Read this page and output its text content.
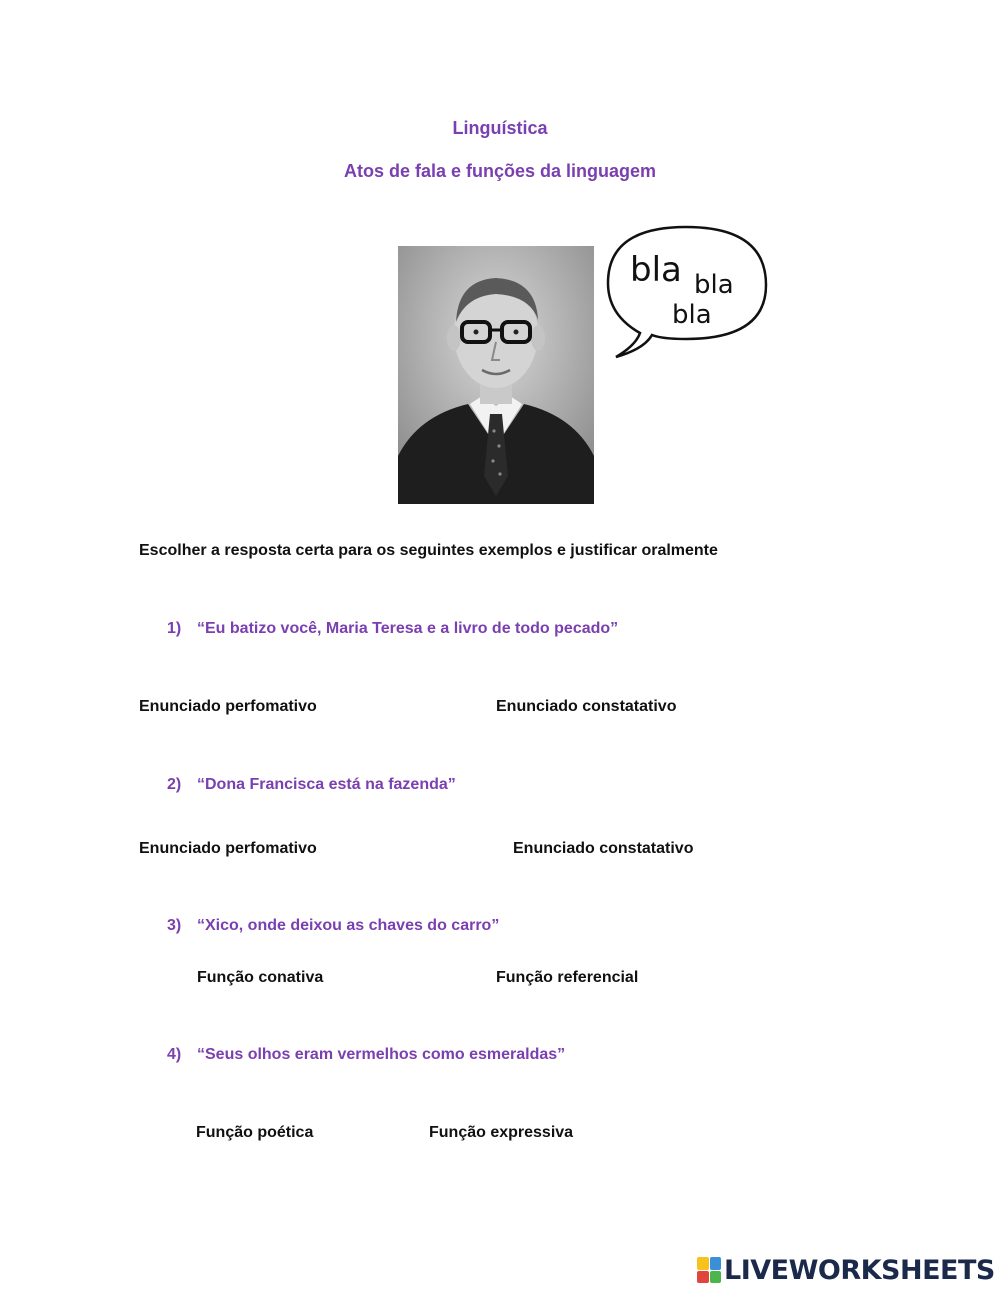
Linguística
Atos de fala e funções da linguagem
bla bla
bla
Escolher a resposta certa para os seguintes exemplos e justificar oralmente
1) “Eu batizo você, Maria Teresa e a livro de todo pecado”
Enunciado perfomativo	Enunciado constatativo
2) “Dona Francisca está na fazenda”
Enunciado perfomativo	Enunciado constatativo
3) “Xico, onde deixou as chaves do carro”
Função conativa	Função referencial
4) “Seus olhos eram vermelhos como esmeraldas”
Função poética	Função expressiva
LIVEWORKSHEETS
